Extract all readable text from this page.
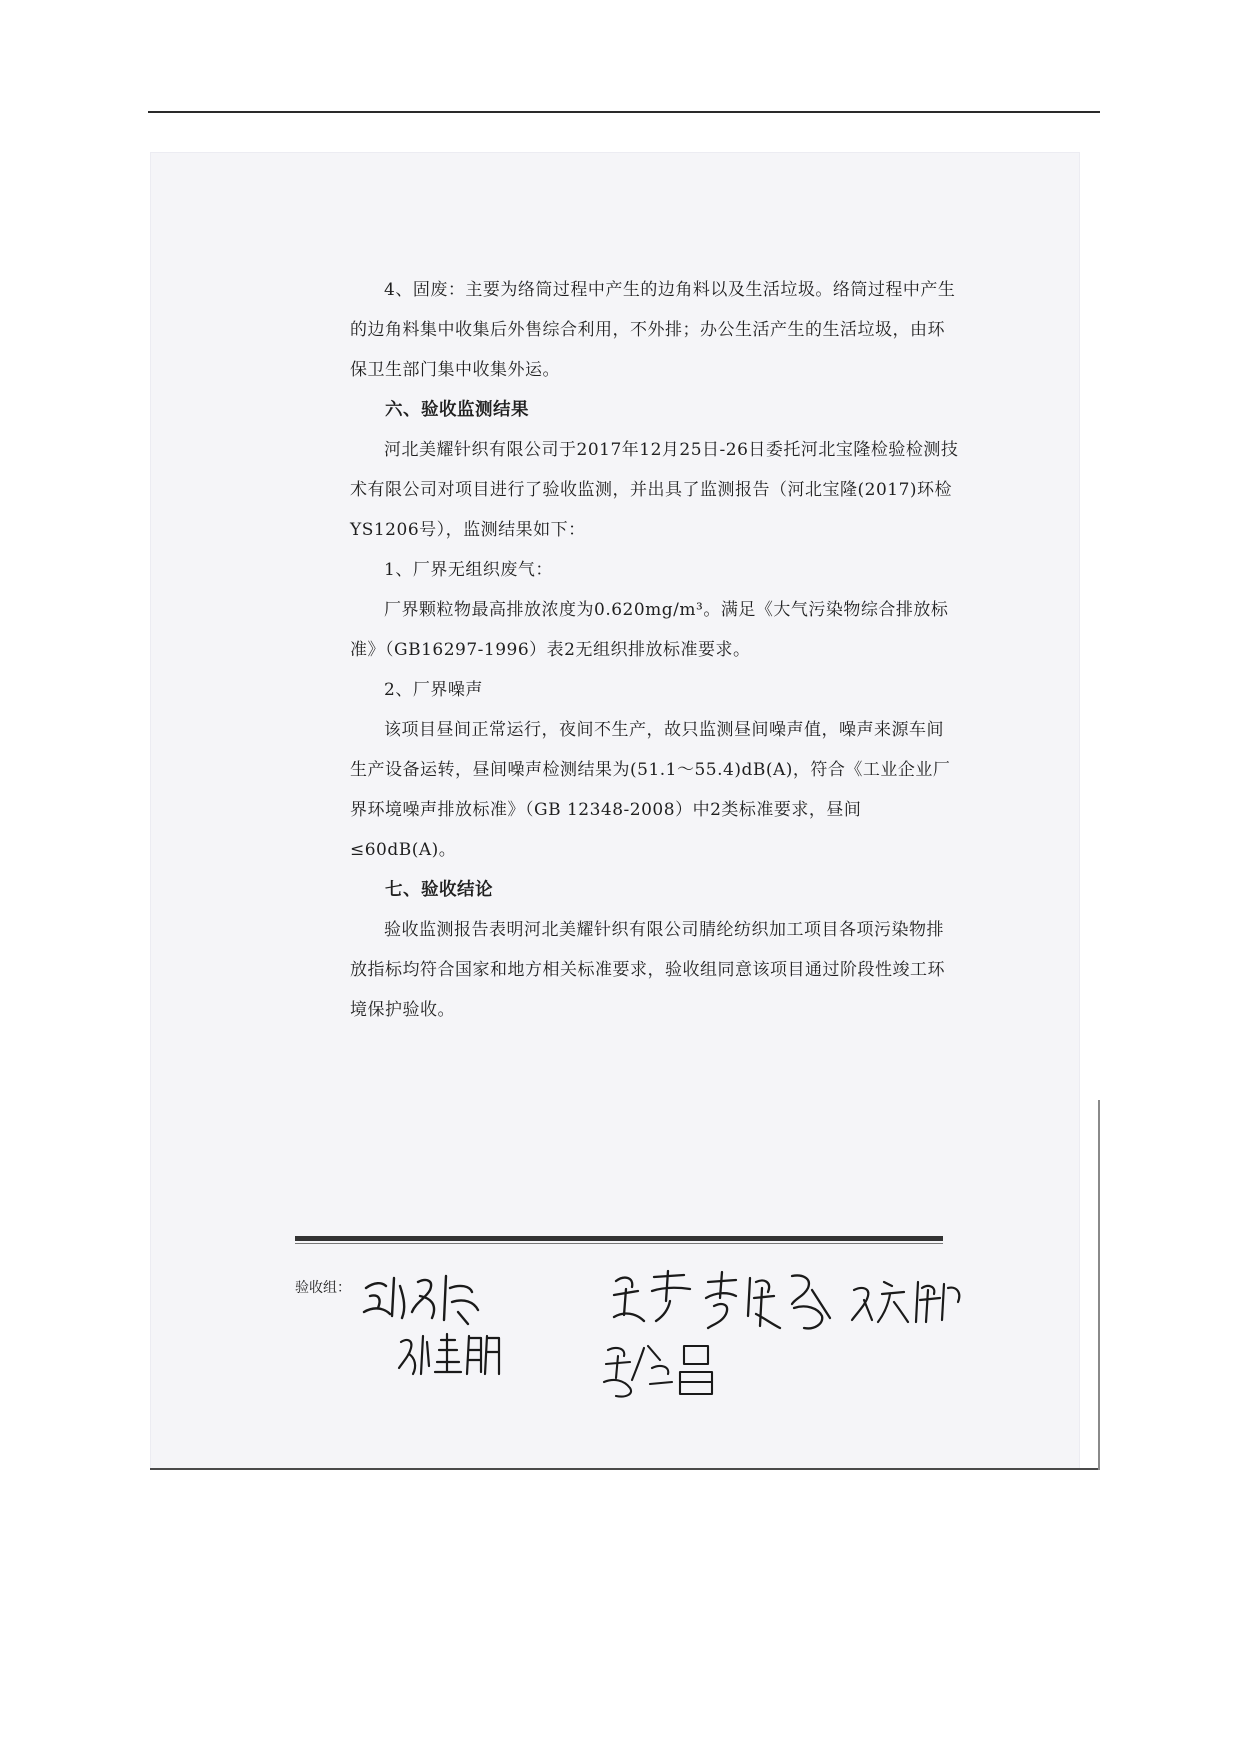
4、固废：主要为络筒过程中产生的边角料以及生活垃圾。络筒过程中产生的边角料集中收集后外售综合利用，不外排；办公生活产生的生活垃圾，由环保卫生部门集中收集外运。

六、验收监测结果

河北美耀针织有限公司于2017年12月25日-26日委托河北宝隆检验检测技术有限公司对项目进行了验收监测，并出具了监测报告（河北宝隆(2017)环检YS1206号），监测结果如下：

1、厂界无组织废气：

厂界颗粒物最高排放浓度为0.620mg/m³。满足《大气污染物综合排放标准》（GB16297-1996）表2无组织排放标准要求。

2、厂界噪声

该项目昼间正常运行，夜间不生产，故只监测昼间噪声值，噪声来源车间生产设备运转，昼间噪声检测结果为(51.1～55.4)dB(A)，符合《工业企业厂界环境噪声排放标准》（GB 12348-2008）中2类标准要求，昼间≤60dB(A)。

七、验收结论

验收监测报告表明河北美耀针织有限公司腈纶纺织加工项目各项污染物排放指标均符合国家和地方相关标准要求，验收组同意该项目通过阶段性竣工环境保护验收。

验收组：
